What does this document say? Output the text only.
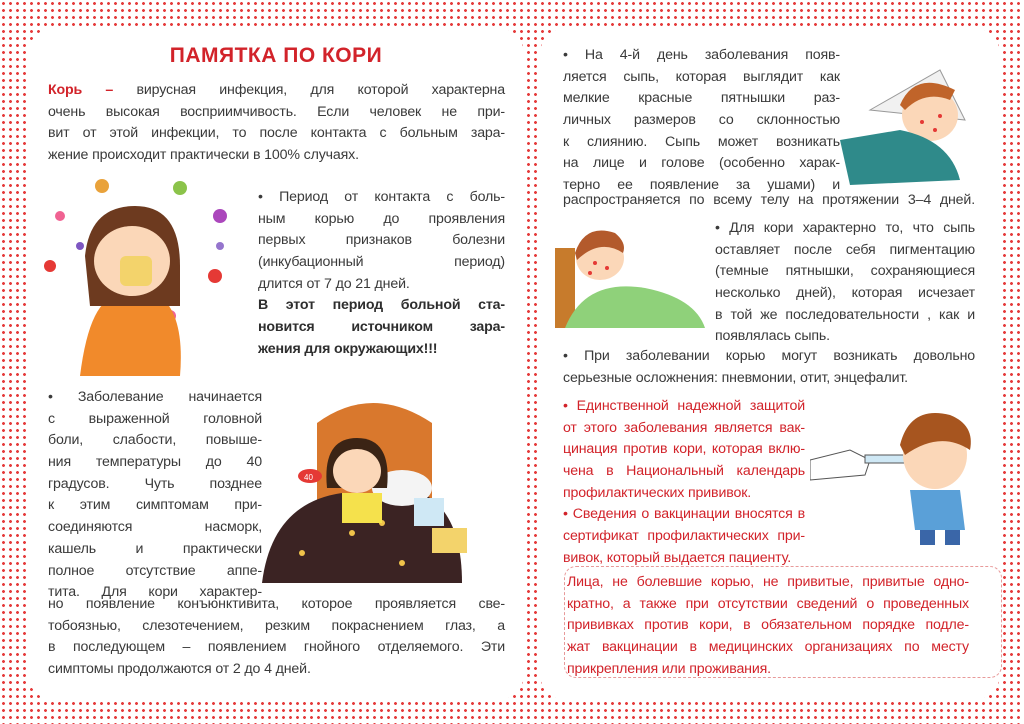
ПАМЯТКА ПО КОРИ
Корь – вирусная инфекция, для которой характерна
очень высокая восприимчивость. Если человек не при-
вит от этой инфекции, то после контакта с больным зара-
жение происходит практически в 100% случаях.
• Период от контакта с боль-
ным корью до проявления
первых признаков болезни
(инкубационный период)
длится от 7 до 21 дней.
В этот период больной ста-
новится источником зара-
жения для окружающих!!!
• Заболевание начинается
с выраженной головной
боли, слабости, повыше-
ния температуры до 40
градусов. Чуть позднее
к этим симптомам при-
соединяются насморк,
кашель и практически
полное отсутствие аппе-
тита. Для кори характер-
но появление конъюнктивита, которое проявляется све-
тобоязнью, слезотечением, резким покраснением глаз, а
в последующем – появлением гнойного отделяемого. Эти
симптомы продолжаются от 2 до 4 дней.
• На 4-й день заболевания появ-
ляется сыпь, которая выглядит как
мелкие красные пятнышки раз-
личных размеров со склонностью
к слиянию. Сыпь может возникать
на лице и голове (особенно харак-
терно ее появление за ушами) и
распространяется по всему телу на протяжении 3–4 дней.
• Для кори характерно то, что сыпь
оставляет после себя пигментацию
(темные пятнышки, сохраняющиеся
несколько дней), которая исчезает
в той же последовательности , как и
появлялась сыпь.
• При заболевании корью могут возникать довольно
серьезные осложнения: пневмонии, отит, энцефалит.
• Единственной надежной защитой
от этого заболевания является вак-
цинация против кори, которая вклю-
чена в Национальный календарь
профилактических прививок.
• Сведения о вакцинации вносятся в
сертификат профилактических при-
вивок, который выдается пациенту.
Лица, не болевшие корью, не привитые, привитые одно-
кратно, а также при отсутствии сведений о проведенных
прививках против кори, в обязательном порядке подле-
жат вакцинации в медицинских организациях по месту
прикрепления или проживания.
40
